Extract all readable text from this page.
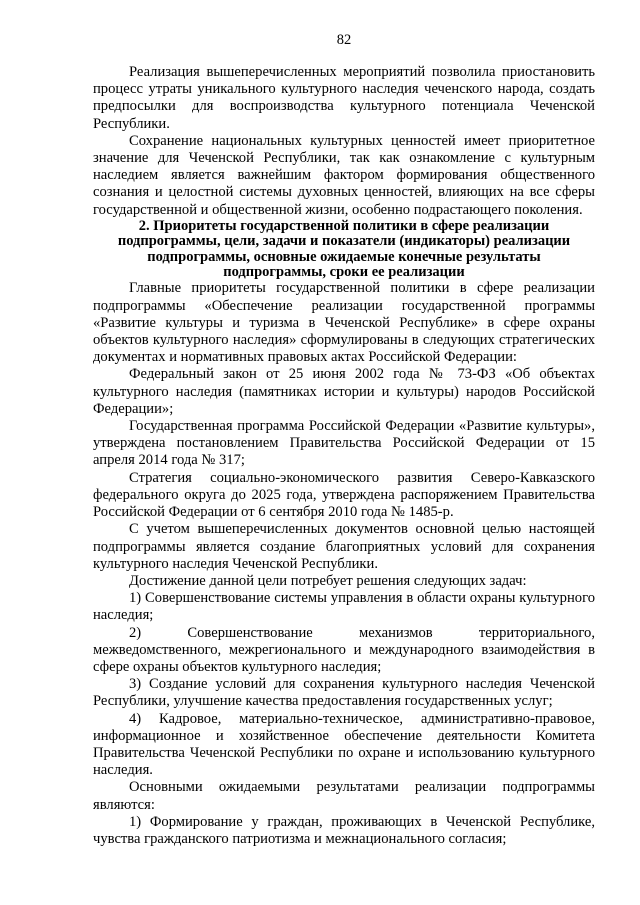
82

Реализация вышеперечисленных мероприятий позволила приостановить процесс утраты уникального культурного наследия чеченского народа, создать предпосылки для воспроизводства культурного потенциала Чеченской Республики.

Сохранение национальных культурных ценностей имеет приоритетное значение для Чеченской Республики, так как ознакомление с культурным наследием является важнейшим фактором формирования общественного сознания и целостной системы духовных ценностей, влияющих на все сферы государственной и общественной жизни, особенно подрастающего поколения.

2. Приоритеты государственной политики в сфере реализации подпрограммы, цели, задачи и показатели (индикаторы) реализации подпрограммы, основные ожидаемые конечные результаты подпрограммы, сроки ее реализации

Главные приоритеты государственной политики в сфере реализации подпрограммы «Обеспечение реализации государственной программы «Развитие культуры и туризма в Чеченской Республике» в сфере охраны объектов культурного наследия» сформулированы в следующих стратегических документах и нормативных правовых актах Российской Федерации:

Федеральный закон от 25 июня 2002 года № 73-ФЗ «Об объектах культурного наследия (памятниках истории и культуры) народов Российской Федерации»;

Государственная программа Российской Федерации «Развитие культуры», утверждена постановлением Правительства Российской Федерации от 15 апреля 2014 года № 317;

Стратегия социально-экономического развития Северо-Кавказского федерального округа до 2025 года, утверждена распоряжением Правительства Российской Федерации от 6 сентября 2010 года № 1485-р.

С учетом вышеперечисленных документов основной целью настоящей подпрограммы является создание благоприятных условий для сохранения культурного наследия Чеченской Республики.

Достижение данной цели потребует решения следующих задач:

1) Совершенствование системы управления в области охраны культурного наследия;

2) Совершенствование механизмов территориального, межведомственного, межрегионального и международного взаимодействия в сфере охраны объектов культурного наследия;

3) Создание условий для сохранения культурного наследия Чеченской Республики, улучшение качества предоставления государственных услуг;

4) Кадровое, материально-техническое, административно-правовое, информационное и хозяйственное обеспечение деятельности Комитета Правительства Чеченской Республики по охране и использованию культурного наследия.

Основными ожидаемыми результатами реализации подпрограммы являются:

1) Формирование у граждан, проживающих в Чеченской Республике, чувства гражданского патриотизма и межнационального согласия;
